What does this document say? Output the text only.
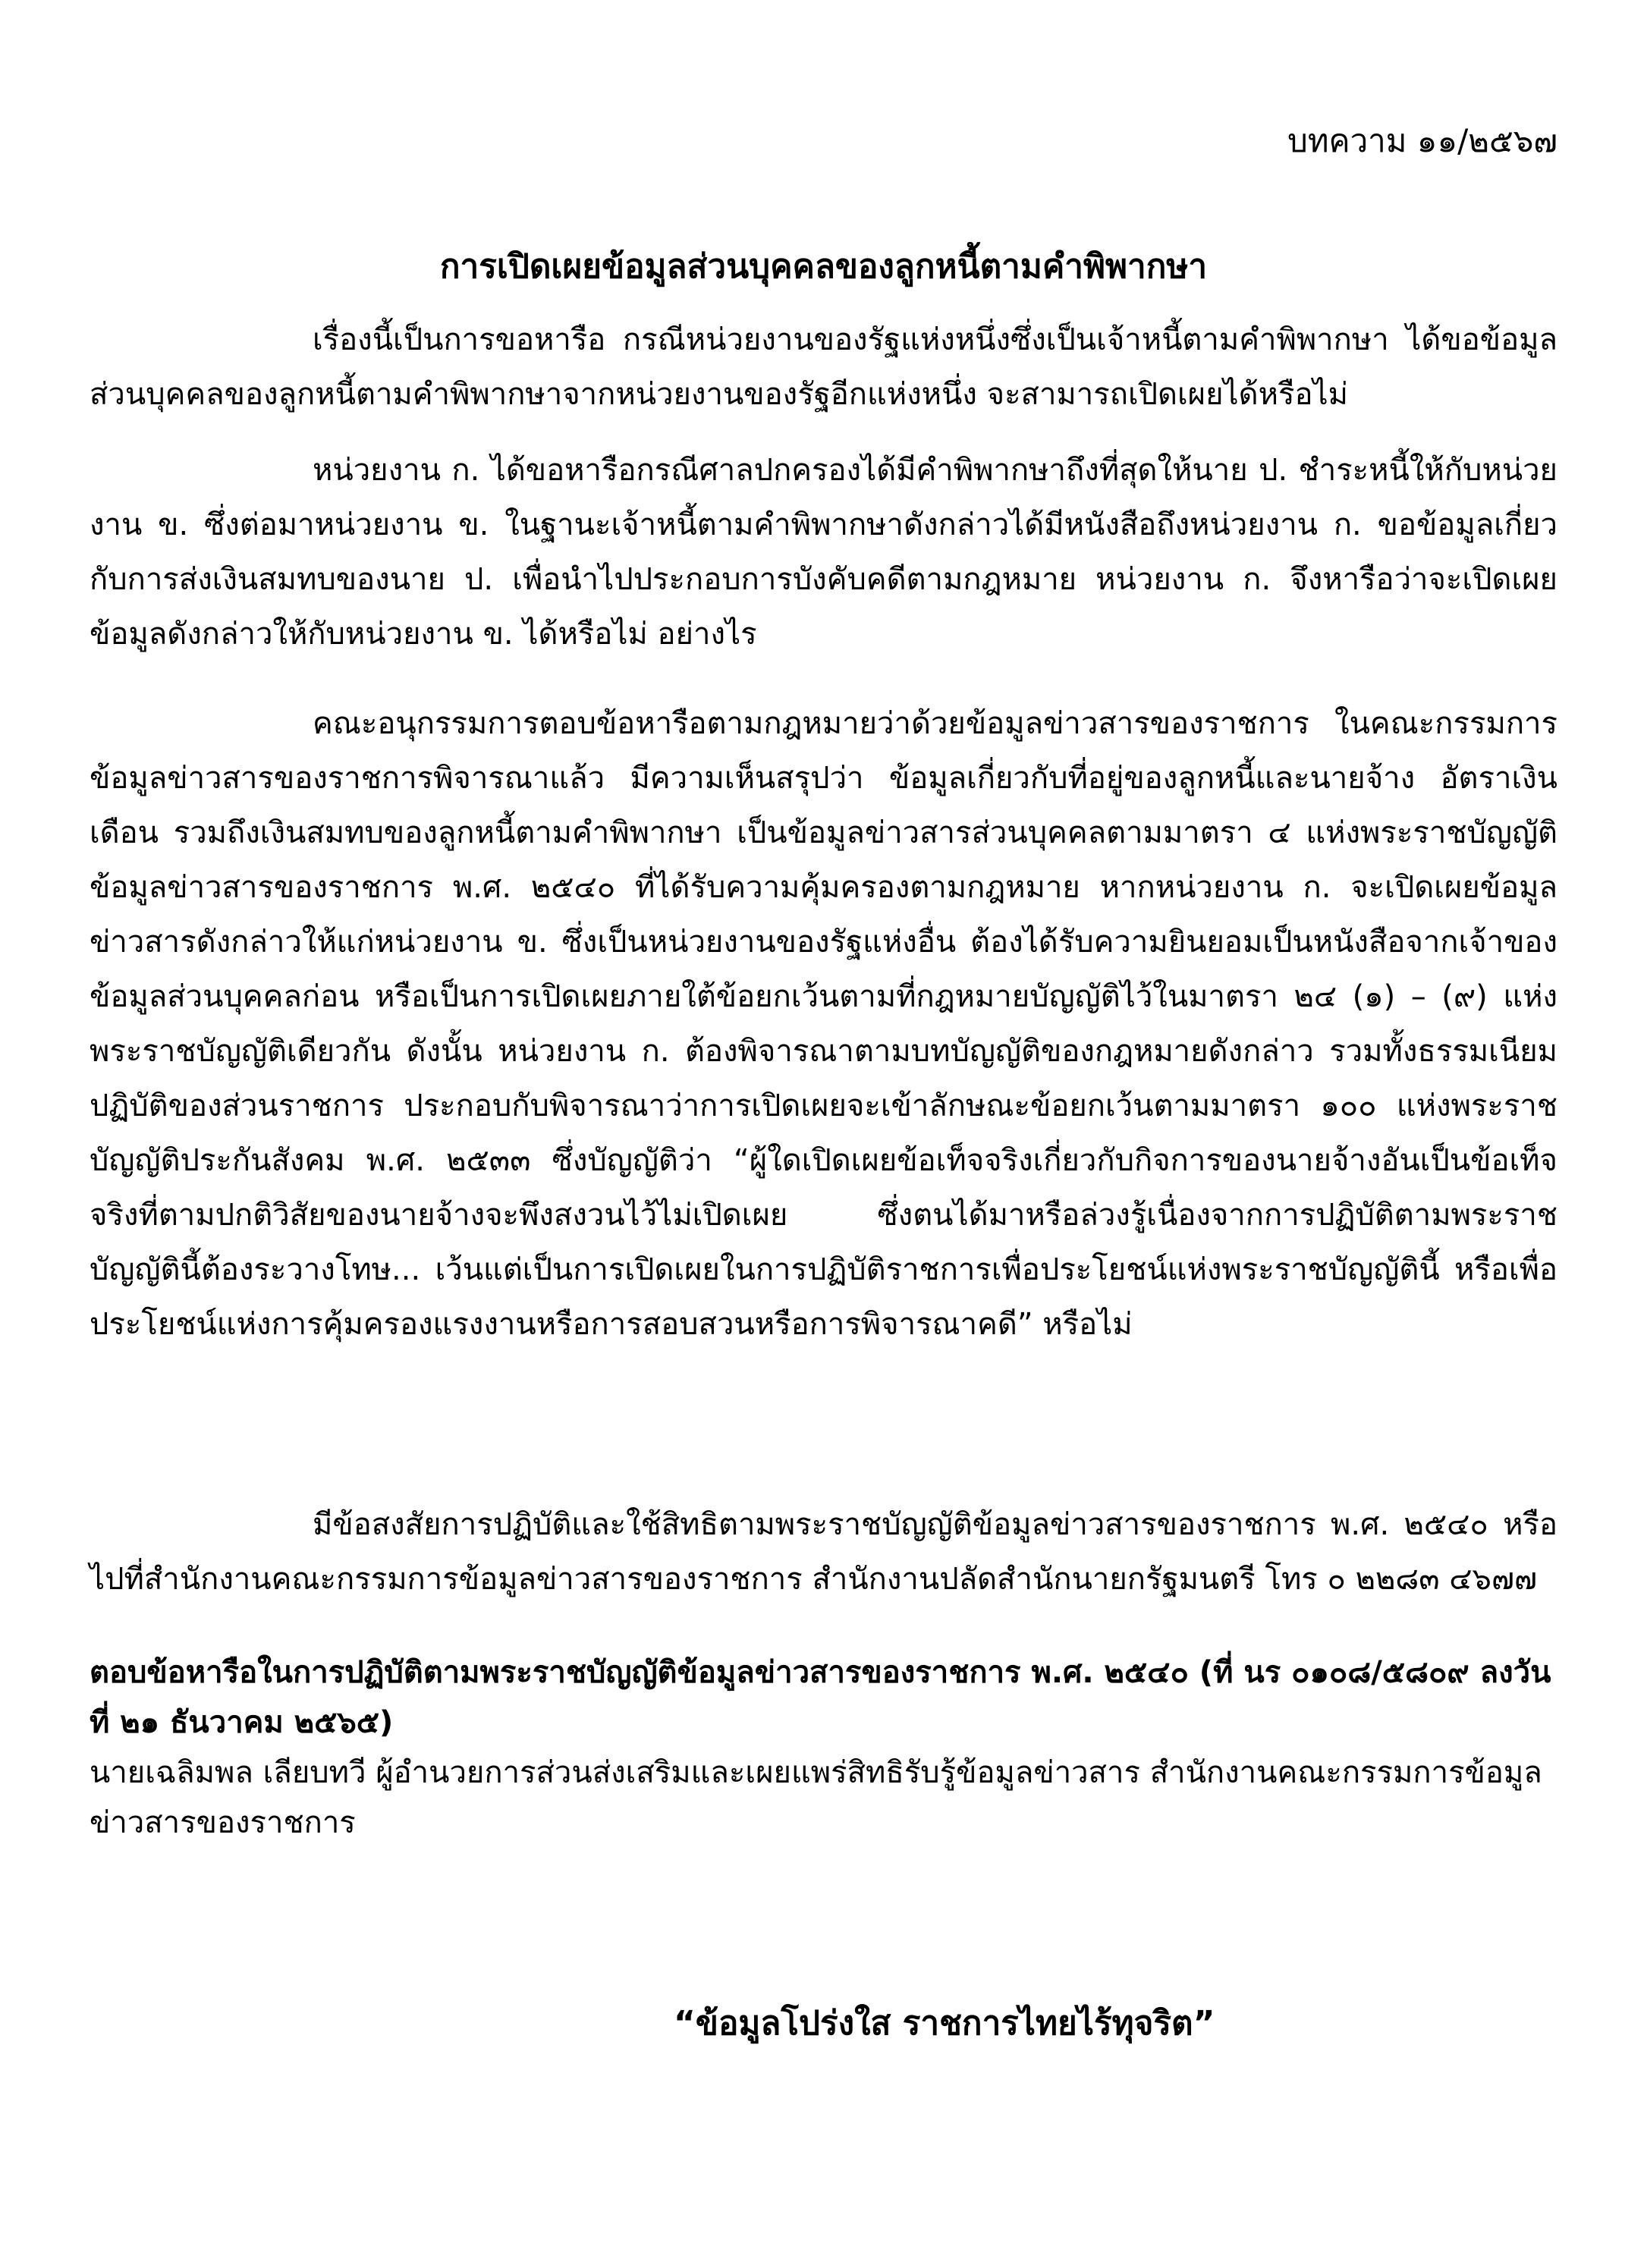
บทความ ๑๑/๒๕๖๗
การเปิดเผยข้อมูลส่วนบุคคลของลูกหนี้ตามคำพิพากษา

เรื่องนี้เป็นการขอหารือ กรณีหน่วยงานของรัฐแห่งหนึ่งซึ่งเป็นเจ้าหนี้ตามคำพิพากษา ได้ขอข้อมูลส่วนบุคคลของลูกหนี้ตามคำพิพากษาจากหน่วยงานของรัฐอีกแห่งหนึ่ง จะสามารถเปิดเผยได้หรือไม่

หน่วยงาน ก. ได้ขอหารือกรณีศาลปกครองได้มีคำพิพากษาถึงที่สุดให้นาย ป. ชำระหนี้ให้กับหน่วยงาน ข. ซึ่งต่อมาหน่วยงาน ข. ในฐานะเจ้าหนี้ตามคำพิพากษาดังกล่าวได้มีหนังสือถึงหน่วยงาน ก. ขอข้อมูลเกี่ยวกับการส่งเงินสมทบของนาย ป. เพื่อนำไปประกอบการบังคับคดีตามกฎหมาย หน่วยงาน ก. จึงหารือว่าจะเปิดเผยข้อมูลดังกล่าวให้กับหน่วยงาน ข. ได้หรือไม่ อย่างไร

คณะอนุกรรมการตอบข้อหารือตามกฎหมายว่าด้วยข้อมูลข่าวสารของราชการ ในคณะกรรมการข้อมูลข่าวสารของราชการพิจารณาแล้ว มีความเห็นสรุปว่า ข้อมูลเกี่ยวกับที่อยู่ของลูกหนี้และนายจ้าง อัตราเงินเดือน รวมถึงเงินสมทบของลูกหนี้ตามคำพิพากษา เป็นข้อมูลข่าวสารส่วนบุคคลตามมาตรา ๔ แห่งพระราชบัญญัติข้อมูลข่าวสารของราชการ พ.ศ. ๒๕๔๐ ที่ได้รับความคุ้มครองตามกฎหมาย หากหน่วยงาน ก. จะเปิดเผยข้อมูลข่าวสารดังกล่าวให้แก่หน่วยงาน ข. ซึ่งเป็นหน่วยงานของรัฐแห่งอื่น ต้องได้รับความยินยอมเป็นหนังสือจากเจ้าของข้อมูลส่วนบุคคลก่อน หรือเป็นการเปิดเผยภายใต้ข้อยกเว้นตามที่กฎหมายบัญญัติไว้ในมาตรา ๒๔ (๑) – (๙) แห่งพระราชบัญญัติเดียวกัน ดังนั้น หน่วยงาน ก. ต้องพิจารณาตามบทบัญญัติของกฎหมายดังกล่าว รวมทั้งธรรมเนียมปฏิบัติของส่วนราชการ ประกอบกับพิจารณาว่าการเปิดเผยจะเข้าลักษณะข้อยกเว้นตามมาตรา ๑๐๐ แห่งพระราชบัญญัติประกันสังคม พ.ศ. ๒๕๓๓ ซึ่งบัญญัติว่า “ผู้ใดเปิดเผยข้อเท็จจริงเกี่ยวกับกิจการของนายจ้างอันเป็นข้อเท็จจริงที่ตามปกติวิสัยของนายจ้างจะพึงสงวนไว้ไม่เปิดเผย ซึ่งตนได้มาหรือล่วงรู้เนื่องจากการปฏิบัติตามพระราชบัญญัตินี้ต้องระวางโทษ... เว้นแต่เป็นการเปิดเผยในการปฏิบัติราชการเพื่อประโยชน์แห่งพระราชบัญญัตินี้ หรือเพื่อประโยชน์แห่งการคุ้มครองแรงงานหรือการสอบสวนหรือการพิจารณาคดี” หรือไม่

มีข้อสงสัยการปฏิบัติและใช้สิทธิตามพระราชบัญญัติข้อมูลข่าวสารของราชการ พ.ศ. ๒๕๔๐ หรือไปที่สำนักงานคณะกรรมการข้อมูลข่าวสารของราชการ สำนักงานปลัดสำนักนายกรัฐมนตรี โทร ๐ ๒๒๘๓ ๔๖๗๗

ตอบข้อหารือในการปฏิบัติตามพระราชบัญญัติข้อมูลข่าวสารของราชการ พ.ศ. ๒๕๔๐ (ที่ นร ๐๑๐๘/๕๘๐๙ ลงวันที่ ๒๑ ธันวาคม ๒๕๖๕)

นายเฉลิมพล เลียบทวี ผู้อำนวยการส่วนส่งเสริมและเผยแพร่สิทธิรับรู้ข้อมูลข่าวสาร สำนักงานคณะกรรมการข้อมูลข่าวสารของราชการ

“ข้อมูลโปร่งใส ราชการไทยไร้ทุจริต”
